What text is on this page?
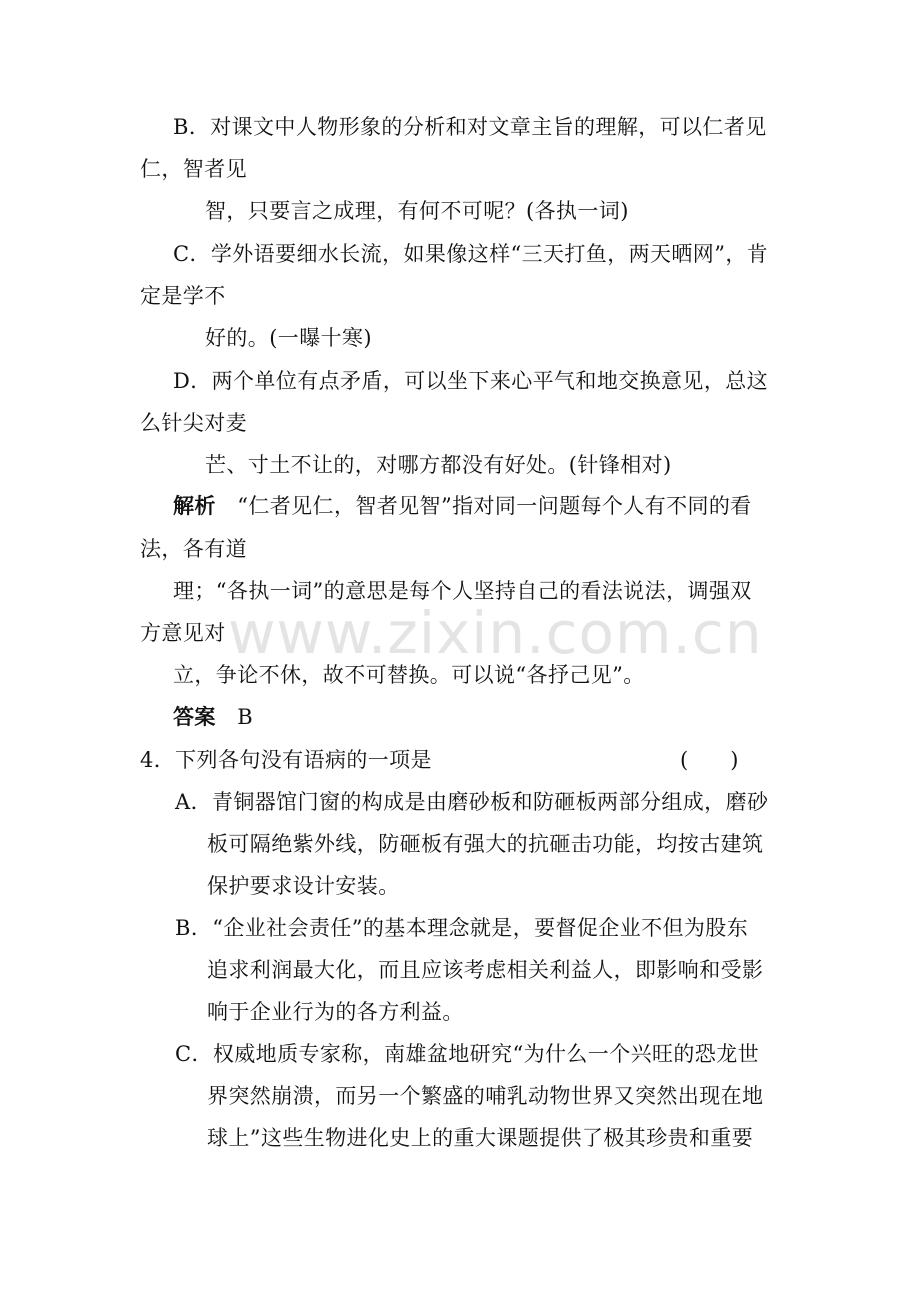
www.zixin.com.cn
B．对课文中人物形象的分析和对文章主旨的理解，可以仁者见
仁，智者见
智，只要言之成理，有何不可呢？(各执一词)
C．学外语要细水长流，如果像这样“三天打鱼，两天晒网”，肯
定是学不
好的。(一曝十寒)
D．两个单位有点矛盾，可以坐下来心平气和地交换意见，总这
么针尖对麦
芒、寸土不让的，对哪方都没有好处。(针锋相对)
解析　 “仁者见仁，智者见智”指对同一问题每个人有不同的看
法，各有道
理；“各执一词”的意思是每个人坚持自己的看法说法，调强双
方意见对
立，争论不休，故不可替换。可以说“各抒己见”。
答案　 B
4．下列各句没有语病的一项是	(　　)
A．青铜器馆门窗的构成是由磨砂板和防砸板两部分组成，磨砂
板可隔绝紫外线，防砸板有强大的抗砸击功能，均按古建筑
保护要求设计安装。
B．“企业社会责任”的基本理念就是，要督促企业不但为股东
追求利润最大化，而且应该考虑相关利益人，即影响和受影
响于企业行为的各方利益。
C．权威地质专家称，南雄盆地研究“为什么一个兴旺的恐龙世
界突然崩溃，而另一个繁盛的哺乳动物世界又突然出现在地
球上”这些生物进化史上的重大课题提供了极其珍贵和重要
